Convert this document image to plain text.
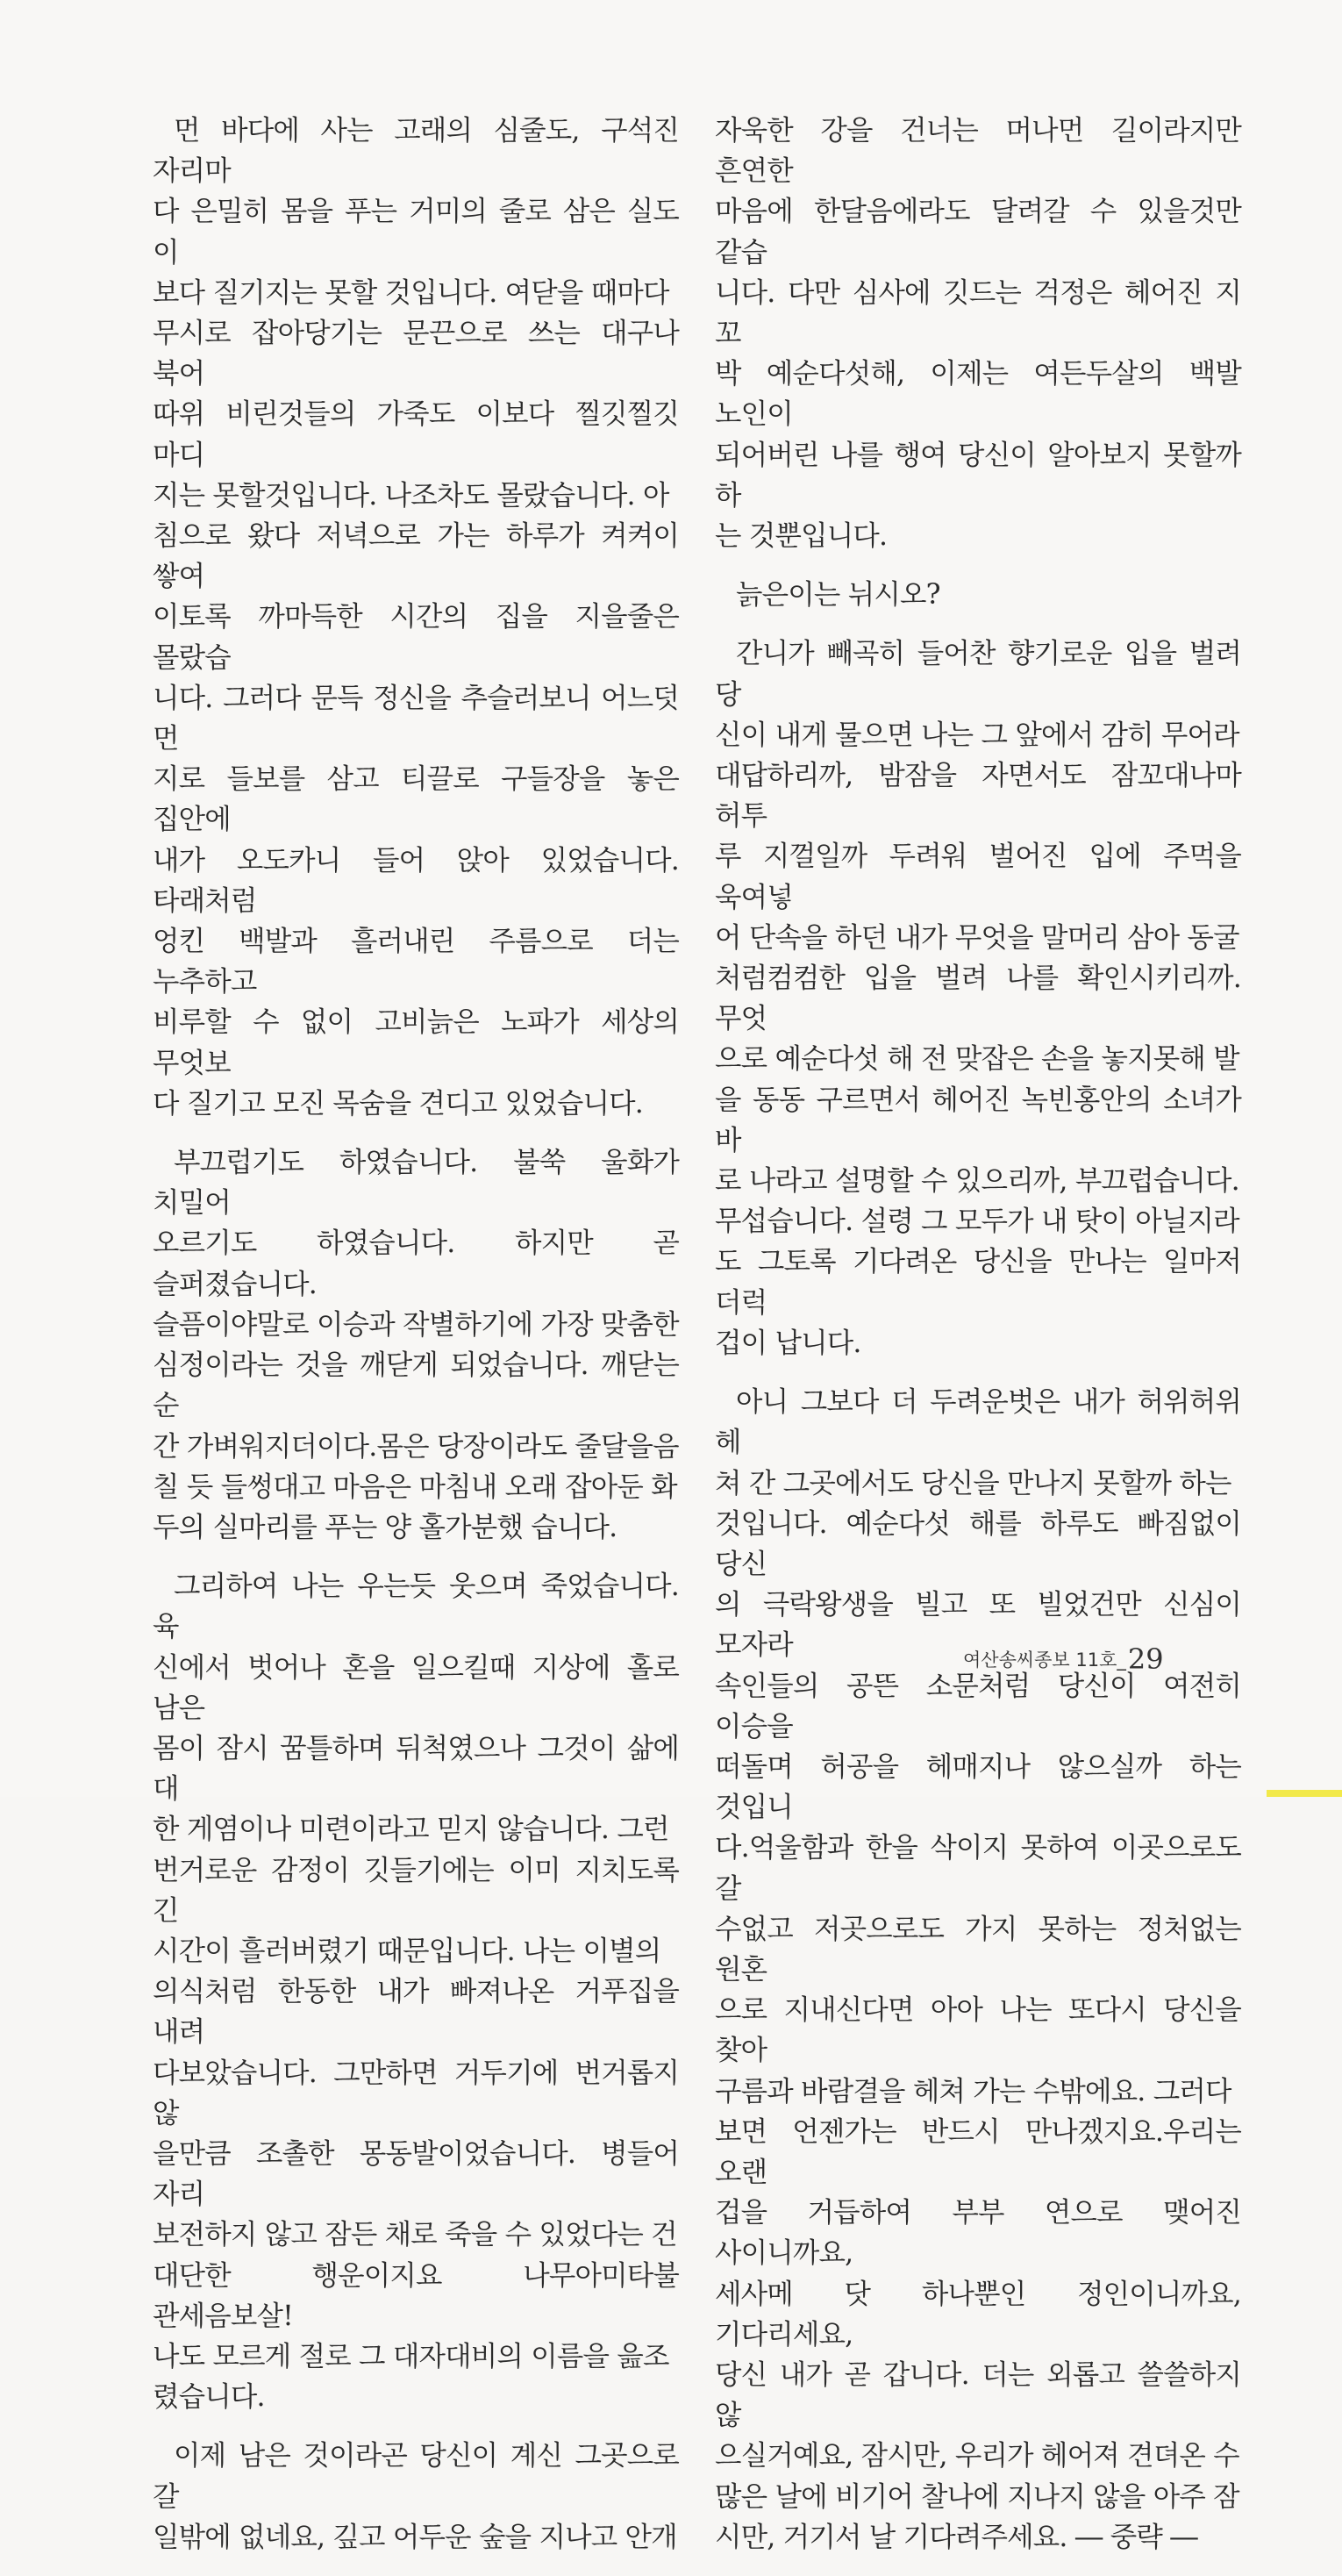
먼 바다에 사는 고래의 심줄도, 구석진 자리마
다 은밀히 몸을 푸는 거미의 줄로 삼은 실도 이
보다 질기지는 못할 것입니다. 여닫을 때마다
무시로 잡아당기는 문끈으로 쓰는 대구나 북어
따위 비린것들의 가죽도 이보다 찔깃찔깃 마디
지는 못할것입니다. 나조차도 몰랐습니다. 아
침으로 왔다 저녁으로 가는 하루가 켜켜이 쌓여
이토록 까마득한 시간의 집을 지을줄은 몰랐습
니다. 그러다 문득 정신을 추슬러보니 어느덧 먼
지로 들보를 삼고 티끌로 구들장을 놓은 집안에
내가 오도카니 들어 앉아 있었습니다. 타래처럼
엉킨 백발과 흘러내린 주름으로 더는 누추하고
비루할 수 없이 고비늙은 노파가 세상의 무엇보
다 질기고 모진 목숨을 견디고 있었습니다.

부끄럽기도 하였습니다. 불쑥 울화가 치밀어
오르기도 하였습니다. 하지만 곧 슬퍼졌습니다.
슬픔이야말로 이승과 작별하기에 가장 맞춤한
심정이라는 것을 깨닫게 되었습니다. 깨닫는 순
간 가벼워지더이다.몸은 당장이라도 줄달을음
칠 듯 들썽대고 마음은 마침내 오래 잡아둔 화
두의 실마리를 푸는 양 홀가분했 습니다.

그리하여 나는 우는듯 웃으며 죽었습니다. 육
신에서 벗어나 혼을 일으킬때 지상에 홀로 남은
몸이 잠시 꿈틀하며 뒤척였으나 그것이 삶에 대
한 게염이나 미련이라고 믿지 않습니다. 그런
번거로운 감정이 깃들기에는 이미 지치도록 긴
시간이 흘러버렸기 때문입니다. 나는 이별의
의식처럼 한동한 내가 빠져나온 거푸집을 내려
다보았습니다. 그만하면 거두기에 번거롭지 않
을만큼 조촐한 몽동발이었습니다. 병들어 자리
보전하지 않고 잠든 채로 죽을 수 있었다는 건
대단한 행운이지요 나무아미타불 관세음보살!
나도 모르게 절로 그 대자대비의 이름을 읊조
렸습니다.

이제 남은 것이라곤 당신이 계신 그곳으로 갈
일밖에 없네요, 깊고 어두운 숲을 지나고 안개

자욱한 강을 건너는 머나먼 길이라지만 흔연한
마음에 한달음에라도 달려갈 수 있을것만 같습
니다. 다만 심사에 깃드는 걱정은 헤어진 지 꼬
박 예순다섯해, 이제는 여든두살의 백발 노인이
되어버린 나를 행여 당신이 알아보지 못할까 하
는 것뿐입니다.

늙은이는 뉘시오?

간니가 빼곡히 들어찬 향기로운 입을 벌려 당
신이 내게 물으면 나는 그 앞에서 감히 무어라
대답하리까, 밤잠을 자면서도 잠꼬대나마 허투
루 지껄일까 두려워 벌어진 입에 주먹을 욱여넣
어 단속을 하던 내가 무엇을 말머리 삼아 동굴
처럼컴컴한 입을 벌려 나를 확인시키리까. 무엇
으로 예순다섯 해 전 맞잡은 손을 놓지못해 발
을 동동 구르면서 헤어진 녹빈홍안의 소녀가 바
로 나라고 설명할 수 있으리까, 부끄럽습니다.
무섭습니다. 설령 그 모두가 내 탓이 아닐지라
도 그토록 기다려온 당신을 만나는 일마저 더럭
겁이 납니다.

아니 그보다 더 두려운벗은 내가 허위허위 헤
쳐 간 그곳에서도 당신을 만나지 못할까 하는
것입니다. 예순다섯 해를 하루도 빠짐없이 당신
의 극락왕생을 빌고 또 빌었건만 신심이 모자라
속인들의 공뜬 소문처럼 당신이 여전히 이승을
떠돌며 허공을 헤매지나 않으실까 하는 것입니
다.억울함과 한을 삭이지 못하여 이곳으로도 갈
수없고 저곳으로도 가지 못하는 정처없는 원혼
으로 지내신다면 아아 나는 또다시 당신을 찾아
구름과 바람결을 헤쳐 가는 수밖에요. 그러다
보면 언젠가는 반드시 만나겠지요.우리는 오랜
겁을 거듭하여 부부 연으로 맺어진 사이니까요,
세사메 닷 하나뿐인 정인이니까요, 기다리세요,
당신 내가 곧 갑니다. 더는 외롭고 쓸쓸하지 않
으실거예요, 잠시만, 우리가 헤어져 견뎌온 수
많은 날에 비기어 찰나에 지나지 않을 아주 잠
시만, 거기서 날 기다려주세요. ― 중략 ―

여산송씨종보 11호_29
